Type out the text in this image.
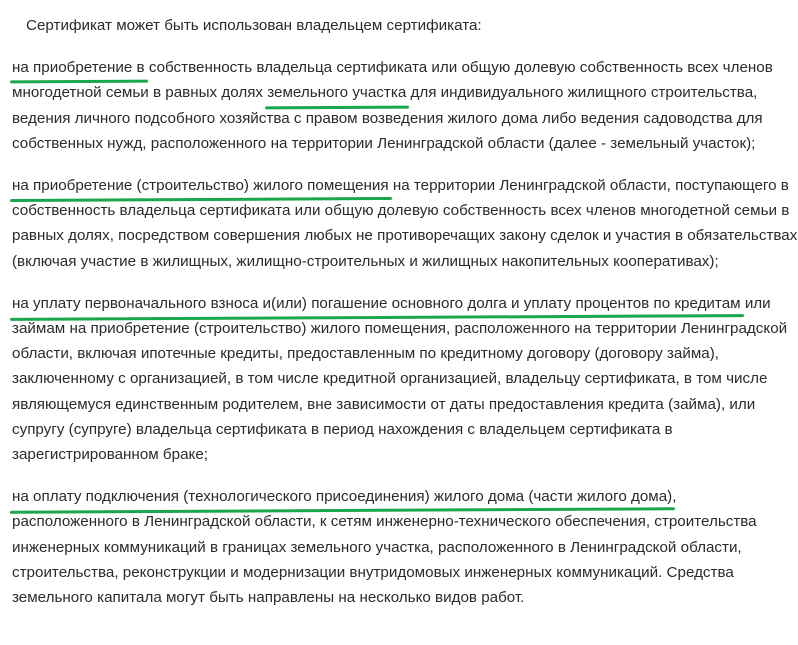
Сертификат может быть использован владельцем сертификата:

на приобретение в собственность владельца сертификата или общую долевую собственность всех членов
многодетной семьи в равных долях земельного участка для индивидуального жилищного строительства,
ведения личного подсобного хозяйства с правом возведения жилого дома либо ведения садоводства для
собственных нужд, расположенного на территории Ленинградской области (далее - земельный участок);
на приобретение (строительство) жилого помещения на территории Ленинградской области, поступающего в
собственность владельца сертификата или общую долевую собственность всех членов многодетной семьи в
равных долях, посредством совершения любых не противоречащих закону сделок и участия в обязательствах
(включая участие в жилищных, жилищно-строительных и жилищных накопительных кооперативах);
на уплату первоначального взноса и(или) погашение основного долга и уплату процентов по кредитам или
займам на приобретение (строительство) жилого помещения, расположенного на территории Ленинградской
области, включая ипотечные кредиты, предоставленным по кредитному договору (договору займа),
заключенному с организацией, в том числе кредитной организацией, владельцу сертификата, в том числе
являющемуся единственным родителем, вне зависимости от даты предоставления кредита (займа), или
супругу (супруге) владельца сертификата в период нахождения с владельцем сертификата в
зарегистрированном браке;
на оплату подключения (технологического присоединения) жилого дома (части жилого дома),
расположенного в Ленинградской области, к сетям инженерно-технического обеспечения, строительства
инженерных коммуникаций в границах земельного участка, расположенного в Ленинградской области,
строительства, реконструкции и модернизации внутридомовых инженерных коммуникаций. Средства
земельного капитала могут быть направлены на несколько видов работ.
